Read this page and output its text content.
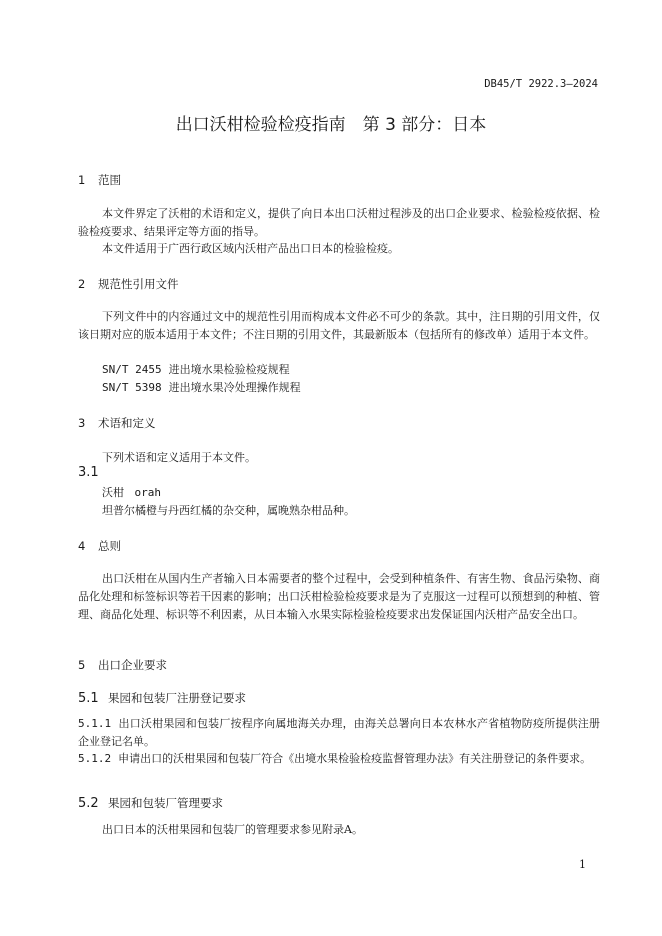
DB45/T 2922.3—2024
出口沃柑检验检疫指南　第 3 部分：日本
1 范围
本文件界定了沃柑的术语和定义，提供了向日本出口沃柑过程涉及的出口企业要求、检验检疫依据、检验检疫要求、结果评定等方面的指导。
本文件适用于广西行政区域内沃柑产品出口日本的检验检疫。
2 规范性引用文件
下列文件中的内容通过文中的规范性引用而构成本文件必不可少的条款。其中，注日期的引用文件，仅该日期对应的版本适用于本文件；不注日期的引用文件，其最新版本（包括所有的修改单）适用于本文件。
SN/T 2455 进出境水果检验检疫规程
SN/T 5398 进出境水果冷处理操作规程
3 术语和定义
下列术语和定义适用于本文件。
3.1
沃柑 orah
坦普尔橘橙与丹西红橘的杂交种，属晚熟杂柑品种。
4 总则
出口沃柑在从国内生产者输入日本需要者的整个过程中，会受到种植条件、有害生物、食品污染物、商品化处理和标签标识等若干因素的影响；出口沃柑检验检疫要求是为了克服这一过程可以预想到的种植、管理、商品化处理、标识等不利因素，从日本输入水果实际检验检疫要求出发保证国内沃柑产品安全出口。
5 出口企业要求
5.1 果园和包装厂注册登记要求
5.1.1 出口沃柑果园和包装厂按程序向属地海关办理，由海关总署向日本农林水产省植物防疫所提供注册企业登记名单。
5.1.2 申请出口的沃柑果园和包装厂符合《出境水果检验检疫监督管理办法》有关注册登记的条件要求。
5.2 果园和包装厂管理要求
出口日本的沃柑果园和包装厂的管理要求参见附录A。
1
